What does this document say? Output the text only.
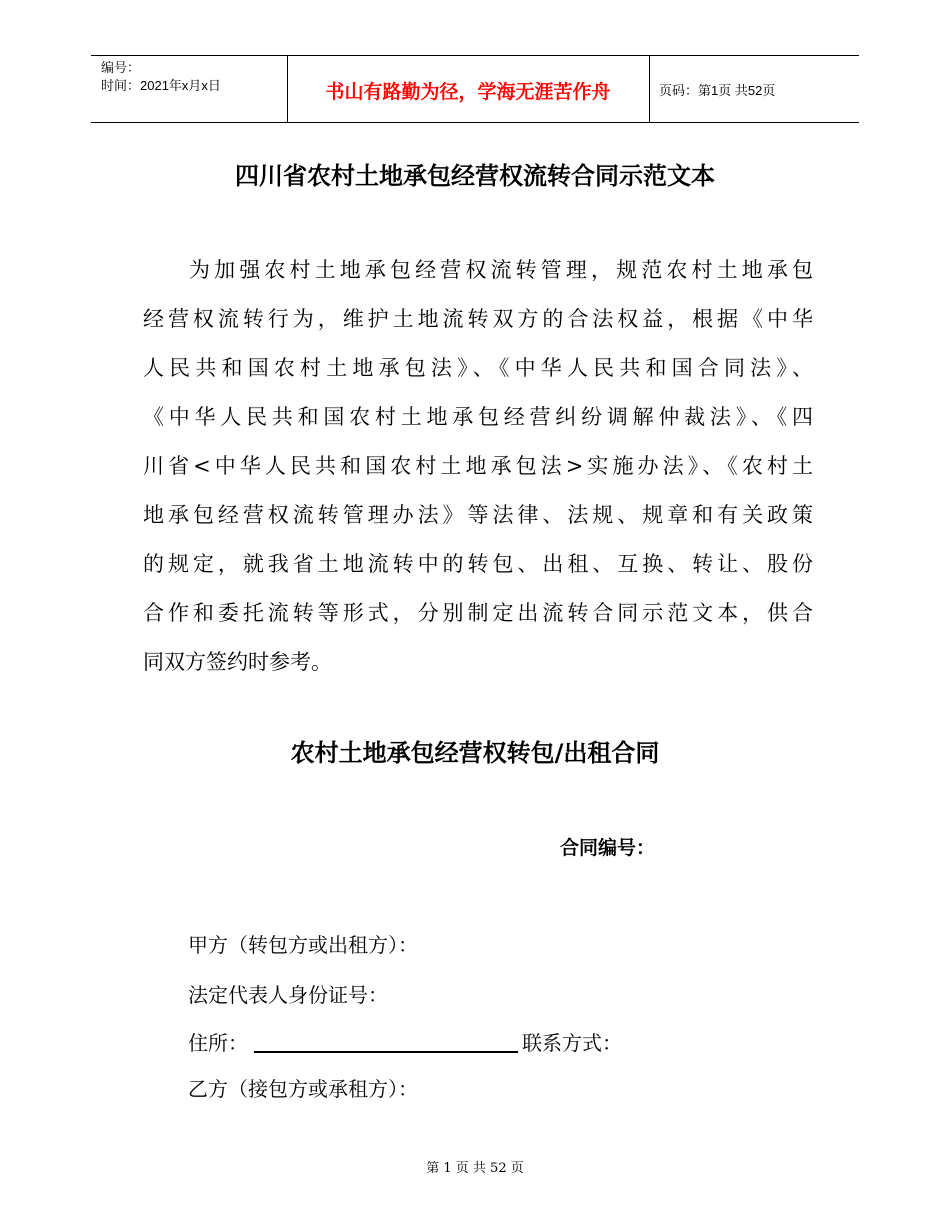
编号：
时间：2021年x月x日	书山有路勤为径，学海无涯苦作舟	页码：第1页 共52页
四川省农村土地承包经营权流转合同示范文本
为加强农村土地承包经营权流转管理，规范农村土地承包
经营权流转行为，维护土地流转双方的合法权益，根据《中华
人民共和国农村土地承包法》、《中华人民共和国合同法》、
《中华人民共和国农村土地承包经营纠纷调解仲裁法》、《四
川省<中华人民共和国农村土地承包法>实施办法》、《农村土
地承包经营权流转管理办法》等法律、法规、规章和有关政策
的规定，就我省土地流转中的转包、出租、互换、转让、股份
合作和委托流转等形式，分别制定出流转合同示范文本，供合
同双方签约时参考。
农村土地承包经营权转包/出租合同
合同编号：
甲方（转包方或出租方）：
法定代表人身份证号：
住所：	联系方式：
乙方（接包方或承租方）：
第 1 页 共 52 页
